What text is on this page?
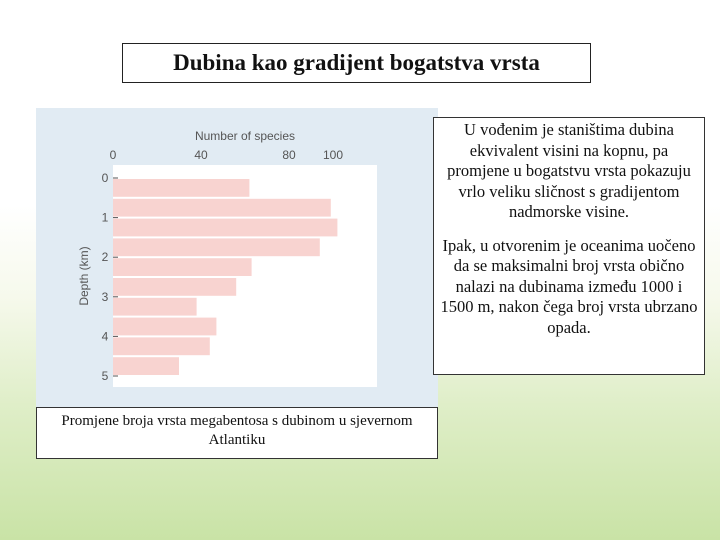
Dubina kao gradijent bogatstva vrsta
Number of species
Depth (km)
0	40	80 100
0
1
2
3
4
5
Promjene broja vrsta megabentosa s dubinom u sjevernom Atlantiku

U vođenim je staništima dubina ekvivalent visini na kopnu, pa promjene u bogatstvu vrsta pokazuju vrlo veliku sličnost s gradijentom nadmorske visine.

Ipak, u otvorenim je oceanima uočeno da se maksimalni broj vrsta obično nalazi na dubinama između 1000 i 1500 m, nakon čega broj vrsta ubrzano opada.
